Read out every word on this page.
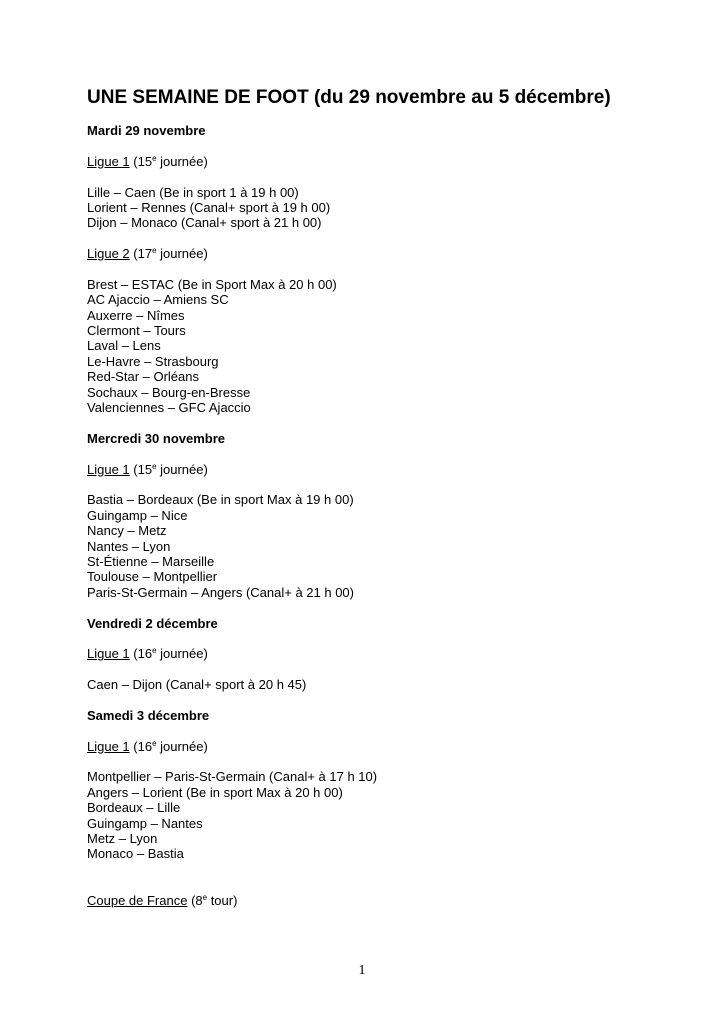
UNE SEMAINE DE FOOT (du 29 novembre au 5 décembre)
Mardi 29 novembre
Ligue 1 (15e journée)
Lille – Caen (Be in sport 1 à 19 h 00)
Lorient – Rennes (Canal+ sport à 19 h 00)
Dijon – Monaco (Canal+ sport à 21 h 00)
Ligue 2 (17e journée)
Brest – ESTAC (Be in Sport Max à 20 h 00)
AC Ajaccio – Amiens SC
Auxerre – Nîmes
Clermont – Tours
Laval – Lens
Le-Havre – Strasbourg
Red-Star – Orléans
Sochaux – Bourg-en-Bresse
Valenciennes – GFC Ajaccio
Mercredi 30 novembre
Ligue 1 (15e journée)
Bastia – Bordeaux (Be in sport Max à 19 h 00)
Guingamp – Nice
Nancy – Metz
Nantes – Lyon
St-Étienne – Marseille
Toulouse – Montpellier
Paris-St-Germain – Angers (Canal+ à 21 h 00)
Vendredi 2 décembre
Ligue 1 (16e journée)
Caen – Dijon (Canal+ sport à 20 h 45)
Samedi 3 décembre
Ligue 1 (16e journée)
Montpellier – Paris-St-Germain (Canal+ à 17 h 10)
Angers – Lorient (Be in sport Max à 20 h 00)
Bordeaux – Lille
Guingamp – Nantes
Metz – Lyon
Monaco – Bastia
Coupe de France (8e tour)
1
